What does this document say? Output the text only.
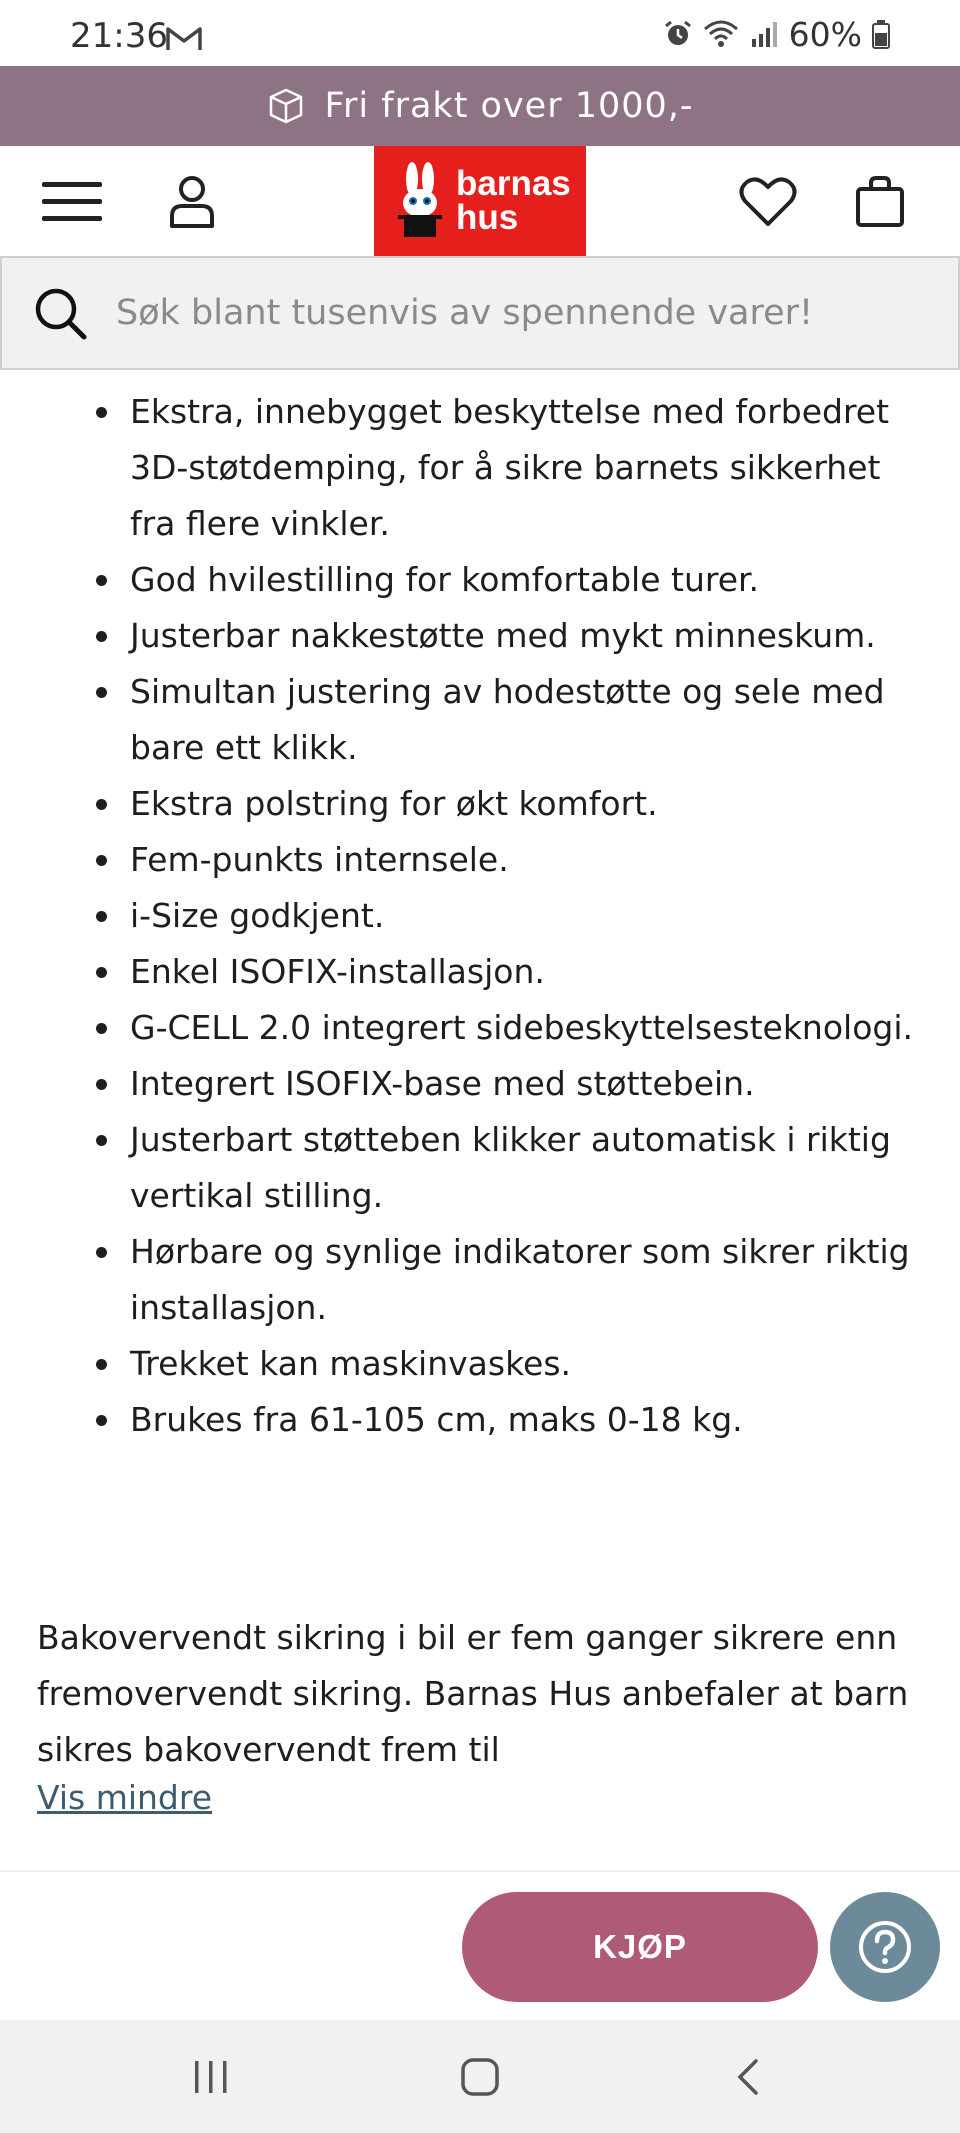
21:36	60%
Fri frakt over 1000,-
barnas
hus
Søk blant tusenvis av spennende varer!
Ekstra, innebygget beskyttelse med forbedret 3D-støtdemping, for å sikre barnets sikkerhet fra flere vinkler.
God hvilestilling for komfortable turer.
Justerbar nakkestøtte med mykt minneskum.
Simultan justering av hodestøtte og sele med bare ett klikk.
Ekstra polstring for økt komfort.
Fem-punkts internsele.
i-Size godkjent.
Enkel ISOFIX-installasjon.
G-CELL 2.0 integrert sidebeskyttelsesteknologi.
Integrert ISOFIX-base med støttebein.
Justerbart støtteben klikker automatisk i riktig vertikal stilling.
Hørbare og synlige indikatorer som sikrer riktig installasjon.
Trekket kan maskinvaskes.
Brukes fra 61-105 cm, maks 0-18 kg.

Bakovervendt sikring i bil er fem ganger sikrere enn fremovervendt sikring. Barnas Hus anbefaler at barn sikres bakovervendt frem til

Vis mindre
KJØP
